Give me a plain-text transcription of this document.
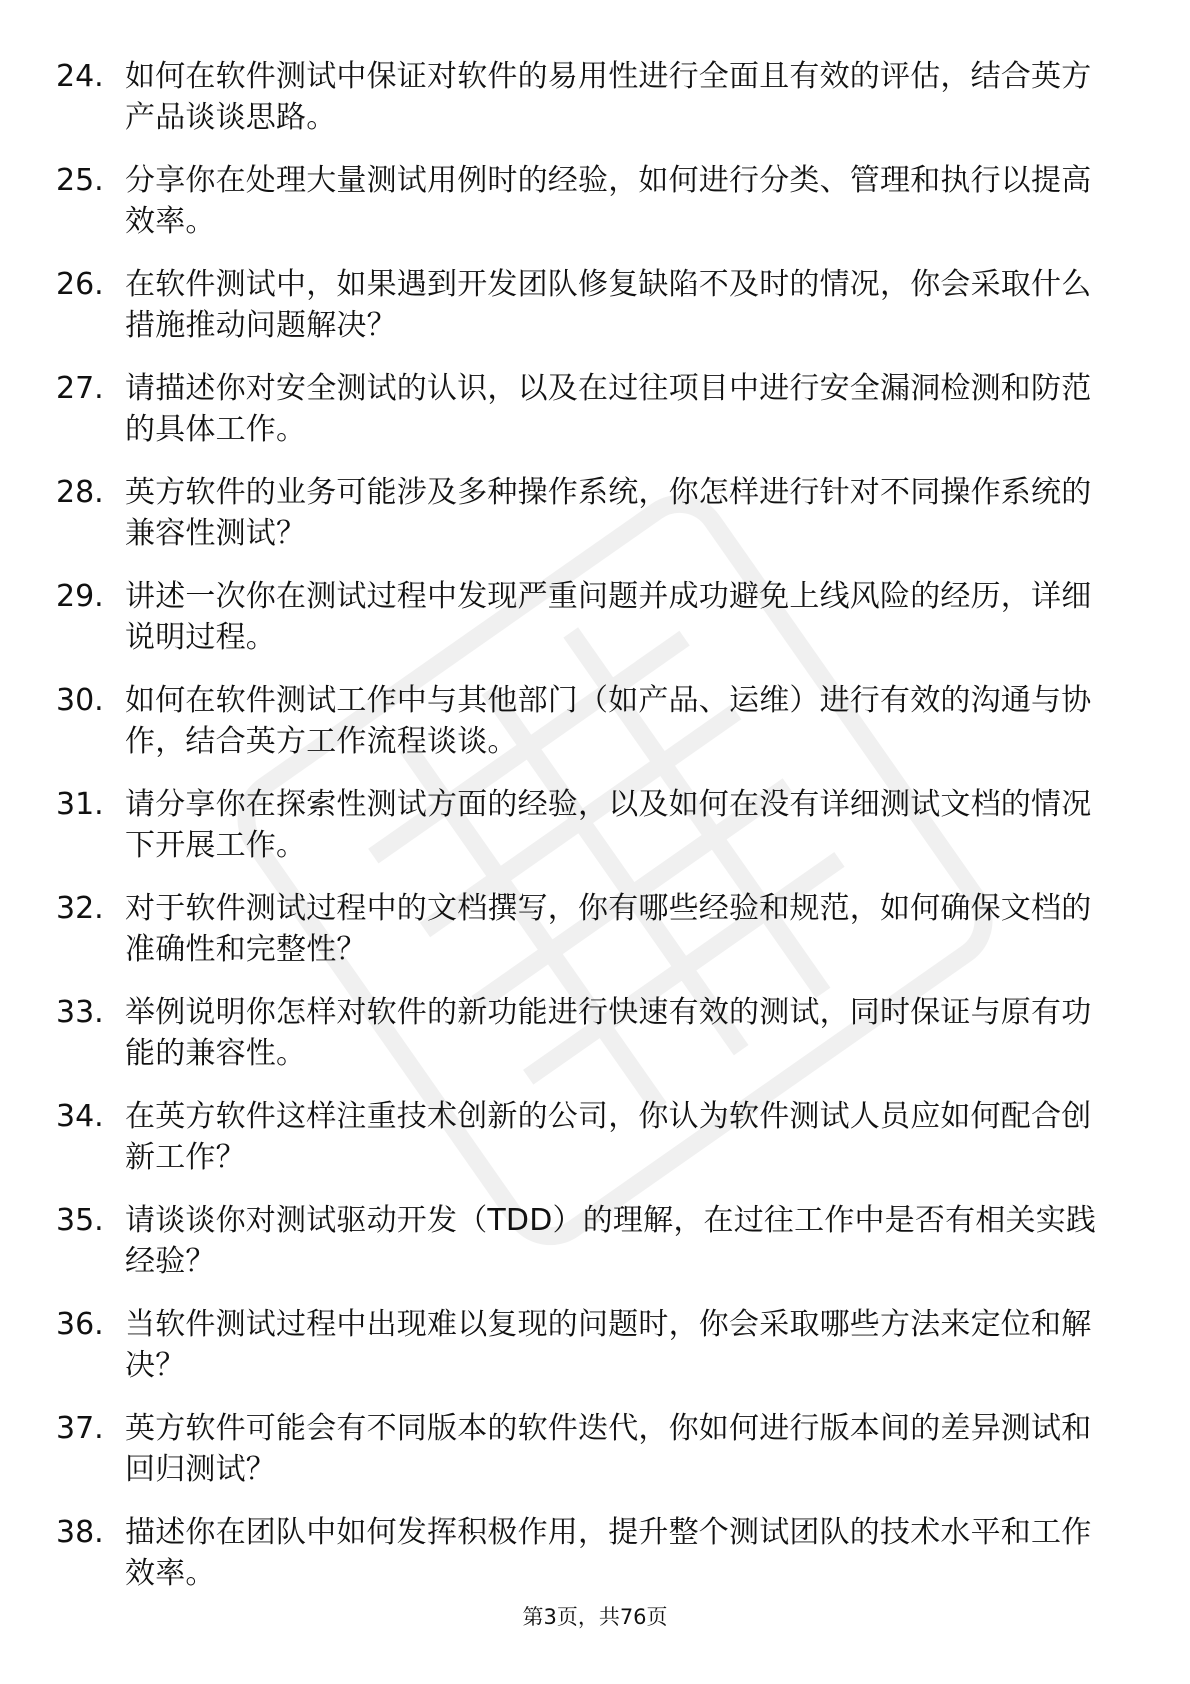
24. 如何在软件测试中保证对软件的易用性进行全面且有效的评估，结合英方产品谈谈思路。
25. 分享你在处理大量测试用例时的经验，如何进行分类、管理和执行以提高效率。
26. 在软件测试中，如果遇到开发团队修复缺陷不及时的情况，你会采取什么措施推动问题解决？
27. 请描述你对安全测试的认识，以及在过往项目中进行安全漏洞检测和防范的具体工作。
28. 英方软件的业务可能涉及多种操作系统，你怎样进行针对不同操作系统的兼容性测试？
29. 讲述一次你在测试过程中发现严重问题并成功避免上线风险的经历，详细说明过程。
30. 如何在软件测试工作中与其他部门（如产品、运维）进行有效的沟通与协作，结合英方工作流程谈谈。
31. 请分享你在探索性测试方面的经验，以及如何在没有详细测试文档的情况下开展工作。
32. 对于软件测试过程中的文档撰写，你有哪些经验和规范，如何确保文档的准确性和完整性？
33. 举例说明你怎样对软件的新功能进行快速有效的测试，同时保证与原有功能的兼容性。
34. 在英方软件这样注重技术创新的公司，你认为软件测试人员应如何配合创新工作？
35. 请谈谈你对测试驱动开发（TDD）的理解，在过往工作中是否有相关实践经验？
36. 当软件测试过程中出现难以复现的问题时，你会采取哪些方法来定位和解决？
37. 英方软件可能会有不同版本的软件迭代，你如何进行版本间的差异测试和回归测试？
38. 描述你在团队中如何发挥积极作用，提升整个测试团队的技术水平和工作效率。
第3页，共76页
